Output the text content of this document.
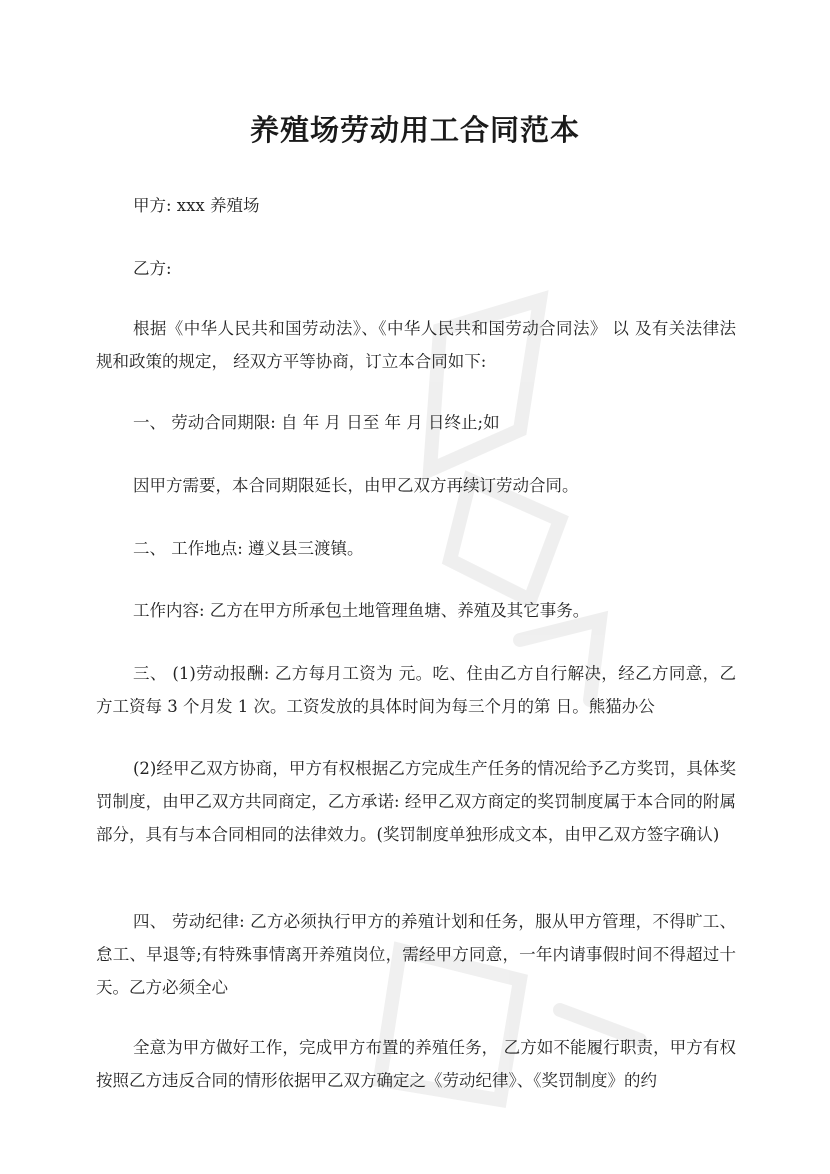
养殖场劳动用工合同范本
甲方: xxx 养殖场
乙方:
根据《中华人民共和国劳动法》、《中华人民共和国劳动合同法》 以 及有关法律法规和政策的规定， 经双方平等协商，订立本合同如下:
一、 劳动合同期限: 自 年 月 日至 年 月 日终止;如
因甲方需要，本合同期限延长，由甲乙双方再续订劳动合同。
二、 工作地点: 遵义县三渡镇。
工作内容: 乙方在甲方所承包土地管理鱼塘、养殖及其它事务。
三、 (1)劳动报酬: 乙方每月工资为 元。吃、住由乙方自行解决，经乙方同意，乙方工资每 3 个月发 1 次。工资发放的具体时间为每三个月的第 日。熊猫办公
(2)经甲乙双方协商，甲方有权根据乙方完成生产任务的情况给予乙方奖罚，具体奖罚制度，由甲乙双方共同商定，乙方承诺: 经甲乙双方商定的奖罚制度属于本合同的附属部分，具有与本合同相同的法律效力。(奖罚制度单独形成文本，由甲乙双方签字确认)
四、 劳动纪律: 乙方必须执行甲方的养殖计划和任务，服从甲方管理，不得旷工、怠工、早退等;有特殊事情离开养殖岗位，需经甲方同意，一年内请事假时间不得超过十天。乙方必须全心
全意为甲方做好工作，完成甲方布置的养殖任务， 乙方如不能履行职责，甲方有权按照乙方违反合同的情形依据甲乙双方确定之《劳动纪律》、《奖罚制度》的约
